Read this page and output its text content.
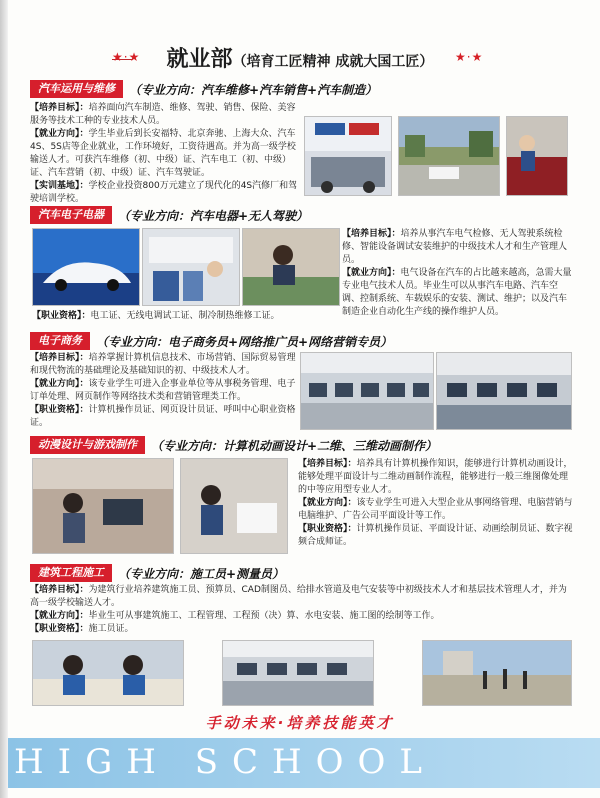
★·★ 就业部（培育工匠精神 成就大国工匠） ★·★
汽车运用与维修	（专业方向：汽车维修+汽车销售+汽车制造）

【培养目标】：培养面向汽车制造、维修、驾驶、销售、保险、美容服务等技术工种的专业技术人员。

【就业方向】：学生毕业后到长安福特、北京奔驰、上海大众、汽车4S、5S店等企业就业，工作环境好，工资待遇高。并为高一级学校输送人才。可获汽车维修（初、中级）证、汽车电工（初、中级）证、汽车营销（初、中级）证、汽车驾驶证。

【实训基地】：学校企业投资800万元建立了现代化的4S汽修厂和驾驶培训学校。

汽车电子电器	（专业方向：汽车电器+无人驾驶）

【培养目标】：培养从事汽车电气检修、无人驾驶系统检修、智能设备调试安装维护的中级技术人才和生产管理人员。

【就业方向】：电气设备在汽车的占比越来越高，急需大量专业电气技术人员。毕业生可以从事汽车电路、汽车空调、控制系统、车载娱乐的安装、测试、维护；以及汽车制造企业自动化生产线的操作维护人员。

【职业资格】：电工证、无线电调试工证、制冷制热维修工证。

电子商务	（专业方向：电子商务员+网络推广员+网络营销专员）

【培养目标】：培养掌握计算机信息技术、市场营销、国际贸易管理和现代物流的基础理论及基础知识的初、中级技术人才。

【就业方向】：该专业学生可进入企事业单位等从事税务管理、电子订单处理、网页制作等网络技术类和营销管理类工作。

【职业资格】：计算机操作员证、网页设计员证、呼叫中心职业资格证。

动漫设计与游戏制作	（专业方向：计算机动画设计+二维、三维动画制作）

【培养目标】：培养具有计算机操作知识，能够进行计算机动画设计，能够处理平面设计与二维动画制作流程，能够进行一般三维图像处理的中等应用型专业人才。

【就业方向】：该专业学生可进入大型企业从事网络管理、电脑营销与电脑维护、广告公司平面设计等工作。

【职业资格】：计算机操作员证、平面设计证、动画绘制员证、数字视频合成师证。

建筑工程施工	（专业方向：施工员+测量员）

【培养目标】：为建筑行业培养建筑施工员、预算员、CAD制图员、给排水管道及电气安装等中初级技术人才和基层技术管理人才，并为高一级学校输送人才。

【就业方向】：毕业生可从事建筑施工、工程管理、工程预（决）算、水电安装、施工图的绘制等工作。

【职业资格】：施工员证。

手动未来·培养技能英才
HIGH SCHOOL
